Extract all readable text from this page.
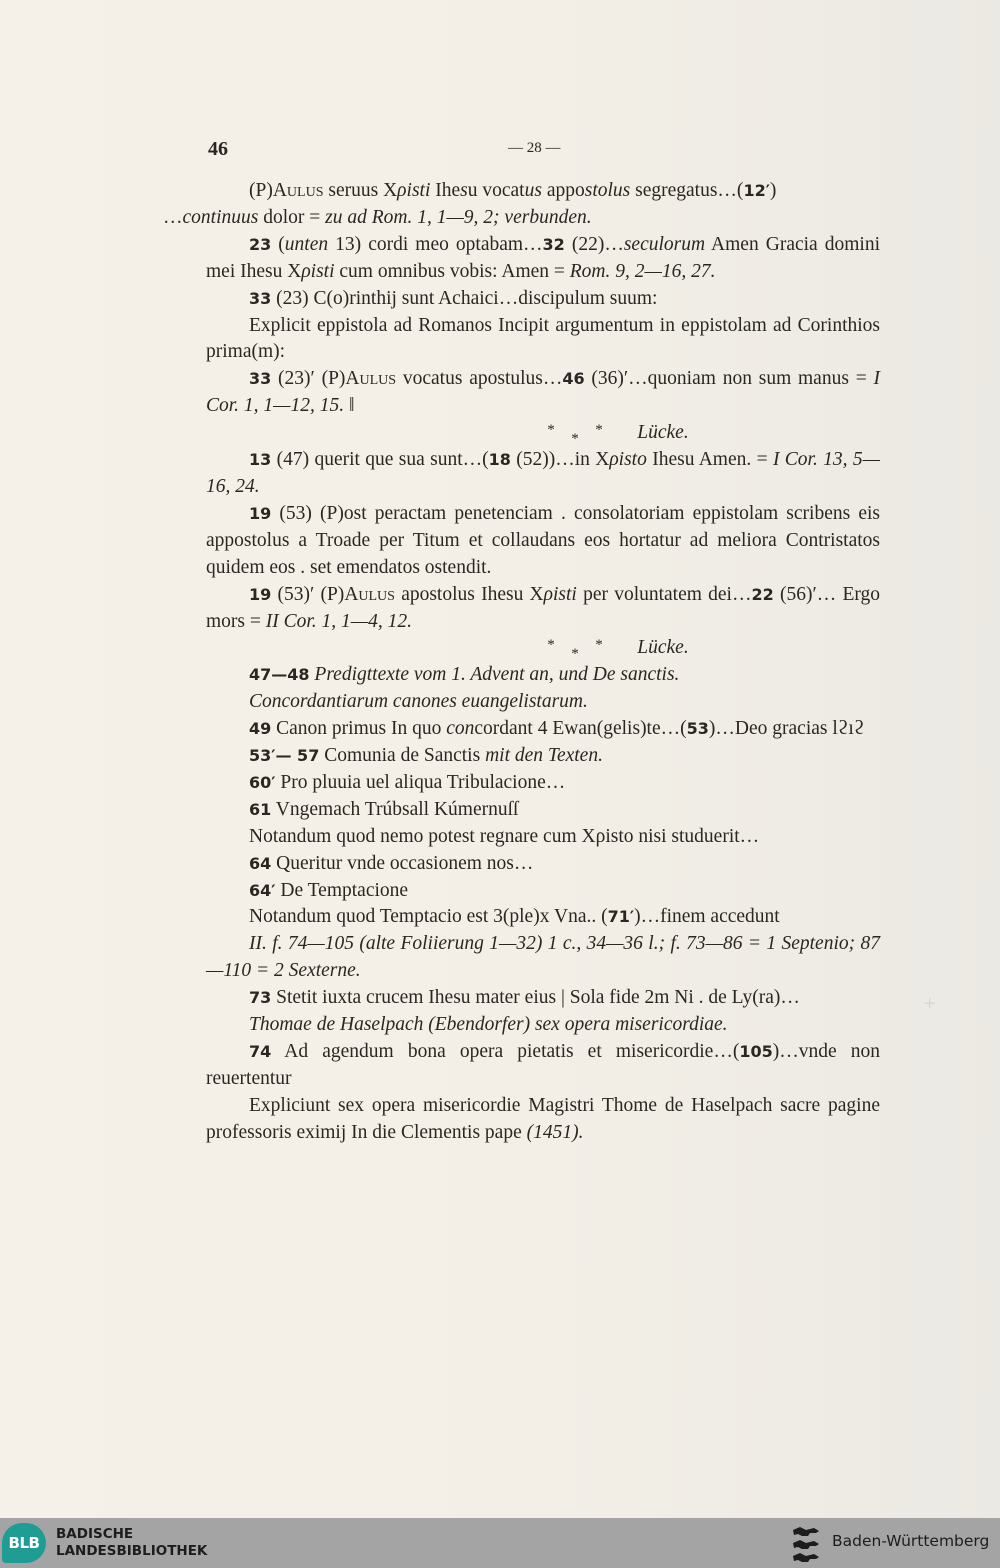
46	— 28 —

(P)Aulus seruus Xρisti Ihesu vocatus appostolus segregatus…(12′)
…continuus dolor = zu ad Rom. 1, 1—9, 2; verbunden.

23 (unten 13) cordi meo optabam…32 (22)…seculorum Amen Gracia domini mei Ihesu Xρisti cum omnibus vobis: Amen = Rom. 9, 2—16, 27.

33 (23) C(o)rinthij sunt Achaici…discipulum suum:

Explicit eppistola ad Romanos Incipit argumentum in eppistolam ad Corinthios prima(m):

33 (23)′ (P)Aulus vocatus apostulus…46 (36)′…quoniam non sum manus = I Cor. 1, 1—12, 15. ‖

*
*
* Lücke.

13 (47) querit que sua sunt…(18 (52))…in Xρisto Ihesu Amen. = I Cor. 13, 5—16, 24.

19 (53) (P)ost peractam penetenciam . consolatoriam eppistolam scribens eis appostolus a Troade per Titum et collaudans eos hortatur ad meliora Contristatos quidem eos . set emendatos ostendit.

19 (53)′ (P)Aulus apostolus Ihesu Xρisti per voluntatem dei…22 (56)′… Ergo mors = II Cor. 1, 1—4, 12.

*
*
* Lücke.

47—48 Predigttexte vom 1. Advent an, und De sanctis.

Concordantiarum canones euangelistarum.

49 Canon primus In quo concordant 4 Ewan(gelis)te…(53)…Deo gracias lϩıϩ

53′— 57 Comunia de Sanctis mit den Texten.

60′ Pro pluuia uel aliqua Tribulacione…

61 Vngemach Trúbsall Kúmernuſſ

Notandum quod nemo potest regnare cum Xρisto nisi studuerit…

64 Queritur vnde occasionem nos…

64′ De Temptacione

Notandum quod Temptacio est 3(ple)x Vna.. (71′)…finem accedunt

II. f. 74—105 (alte Foliierung 1—32) 1 c., 34—36 l.; f. 73—86 = 1 Septenio; 87—110 = 2 Sexterne.

73 Stetit iuxta crucem Ihesu mater eius | Sola fide 2m Ni . de Ly(ra)…

Thomae de Haselpach (Ebendorfer) sex opera misericordiae.

74 Ad agendum bona opera pietatis et misericordie…(105)…vnde non reuertentur

Expliciunt sex opera misericordie Magistri Thome de Haselpach sacre pagine professoris eximij In die Clementis pape (1451).

+
BLB BADISCHE
LANDESBIBLIOTHEK
Baden-Württemberg
